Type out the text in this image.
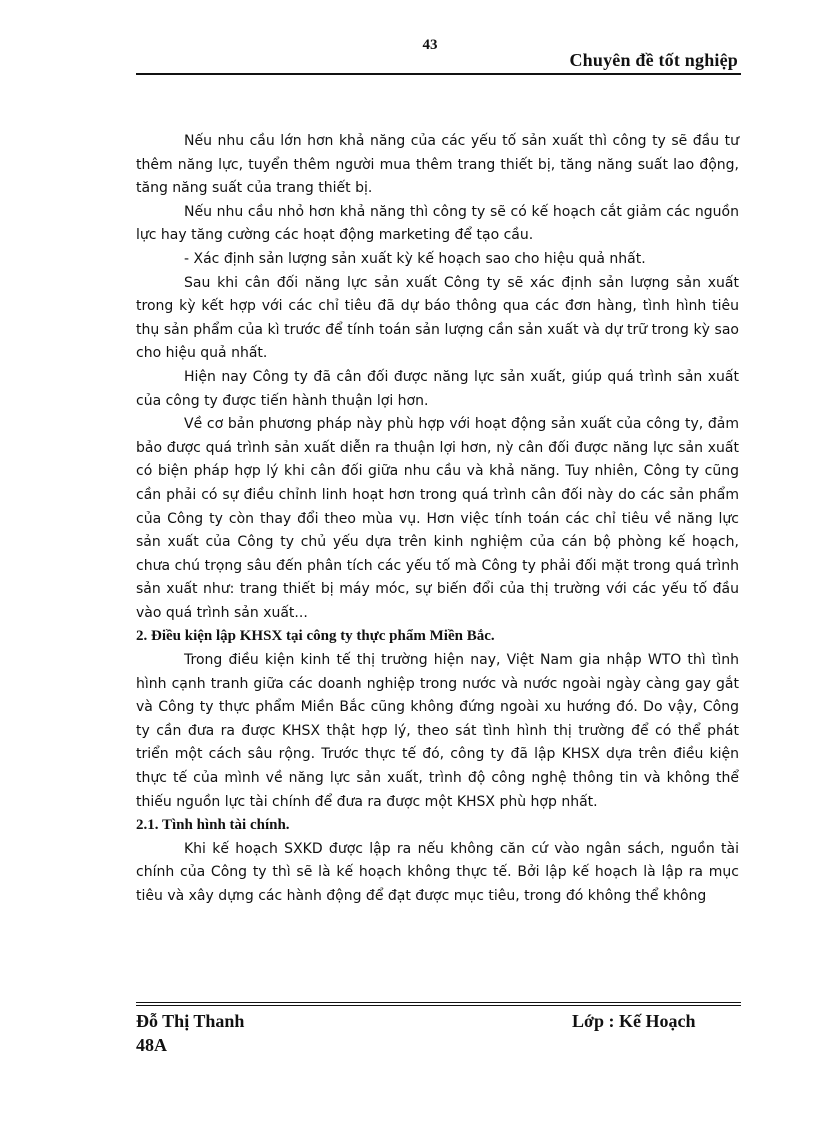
43
Chuyên đề tốt nghiệp

Nếu nhu cầu lớn hơn khả năng của các yếu tố sản xuất thì công ty sẽ đầu tư thêm năng lực, tuyển thêm người mua thêm trang thiết bị, tăng năng suất lao động, tăng năng suất của trang thiết bị.

Nếu nhu cầu nhỏ hơn khả năng thì công ty sẽ có kế hoạch cắt giảm các nguồn lực hay tăng cường các hoạt động marketing để tạo cầu.

- Xác định sản lượng sản xuất kỳ kế hoạch sao cho hiệu quả nhất.

Sau khi cân đối năng lực sản xuất Công ty sẽ xác định sản lượng sản xuất trong kỳ kết hợp với các chỉ tiêu đã dự báo thông qua các đơn hàng, tình hình tiêu thụ sản phẩm của kì trước để tính toán sản lượng cần sản xuất và dự trữ trong kỳ sao cho hiệu quả nhất.

Hiện nay Công ty đã cân đối được năng lực sản xuất, giúp quá trình sản xuất của công ty được tiến hành thuận lợi hơn.

Về cơ bản phương pháp này phù hợp với hoạt động sản xuất của công ty, đảm bảo được quá trình sản xuất diễn ra thuận lợi hơn, nỳ cân đối được năng lực sản xuất có biện pháp hợp lý khi cân đối giữa nhu cầu và khả năng. Tuy nhiên, Công ty cũng cần phải có sự điều chỉnh linh hoạt hơn trong quá trình cân đối này do các sản phẩm của Công ty còn thay đổi theo mùa vụ. Hơn việc tính toán các chỉ tiêu về năng lực sản xuất của Công ty chủ yếu dựa trên kinh nghiệm của cán bộ phòng kế hoạch, chưa chú trọng sâu đến phân tích các yếu tố mà Công ty phải đối mặt trong quá trình sản xuất như: trang thiết bị máy móc, sự biến đổi của thị trường với các yếu tố đầu vào quá trình sản xuất...

2. Điều kiện lập KHSX tại công ty thực phẩm Miền Bắc.

Trong điều kiện kinh tế thị trường hiện nay, Việt Nam gia nhập WTO thì tình hình cạnh tranh giữa các doanh nghiệp trong nước và nước ngoài ngày càng gay gắt và Công ty thực phẩm Miền Bắc cũng không đứng ngoài xu hướng đó. Do vậy, Công ty cần đưa ra được KHSX thật hợp lý, theo sát tình hình thị trường để có thể phát triển một cách sâu rộng. Trước thực tế đó, công ty đã lập KHSX dựa trên điều kiện thực tế của mình về năng lực sản xuất, trình độ công nghệ thông tin và không thể thiếu nguồn lực tài chính để đưa ra được một KHSX phù hợp nhất.

2.1. Tình hình tài chính.

Khi kế hoạch SXKD được lập ra nếu không căn cứ vào ngân sách, nguồn tài chính của Công ty thì sẽ là kế hoạch không thực tế. Bởi lập kế hoạch là lập ra mục tiêu và xây dựng các hành động để đạt được mục tiêu, trong đó không thể không

Đỗ Thị Thanh	Lớp : Kế Hoạch
48A
